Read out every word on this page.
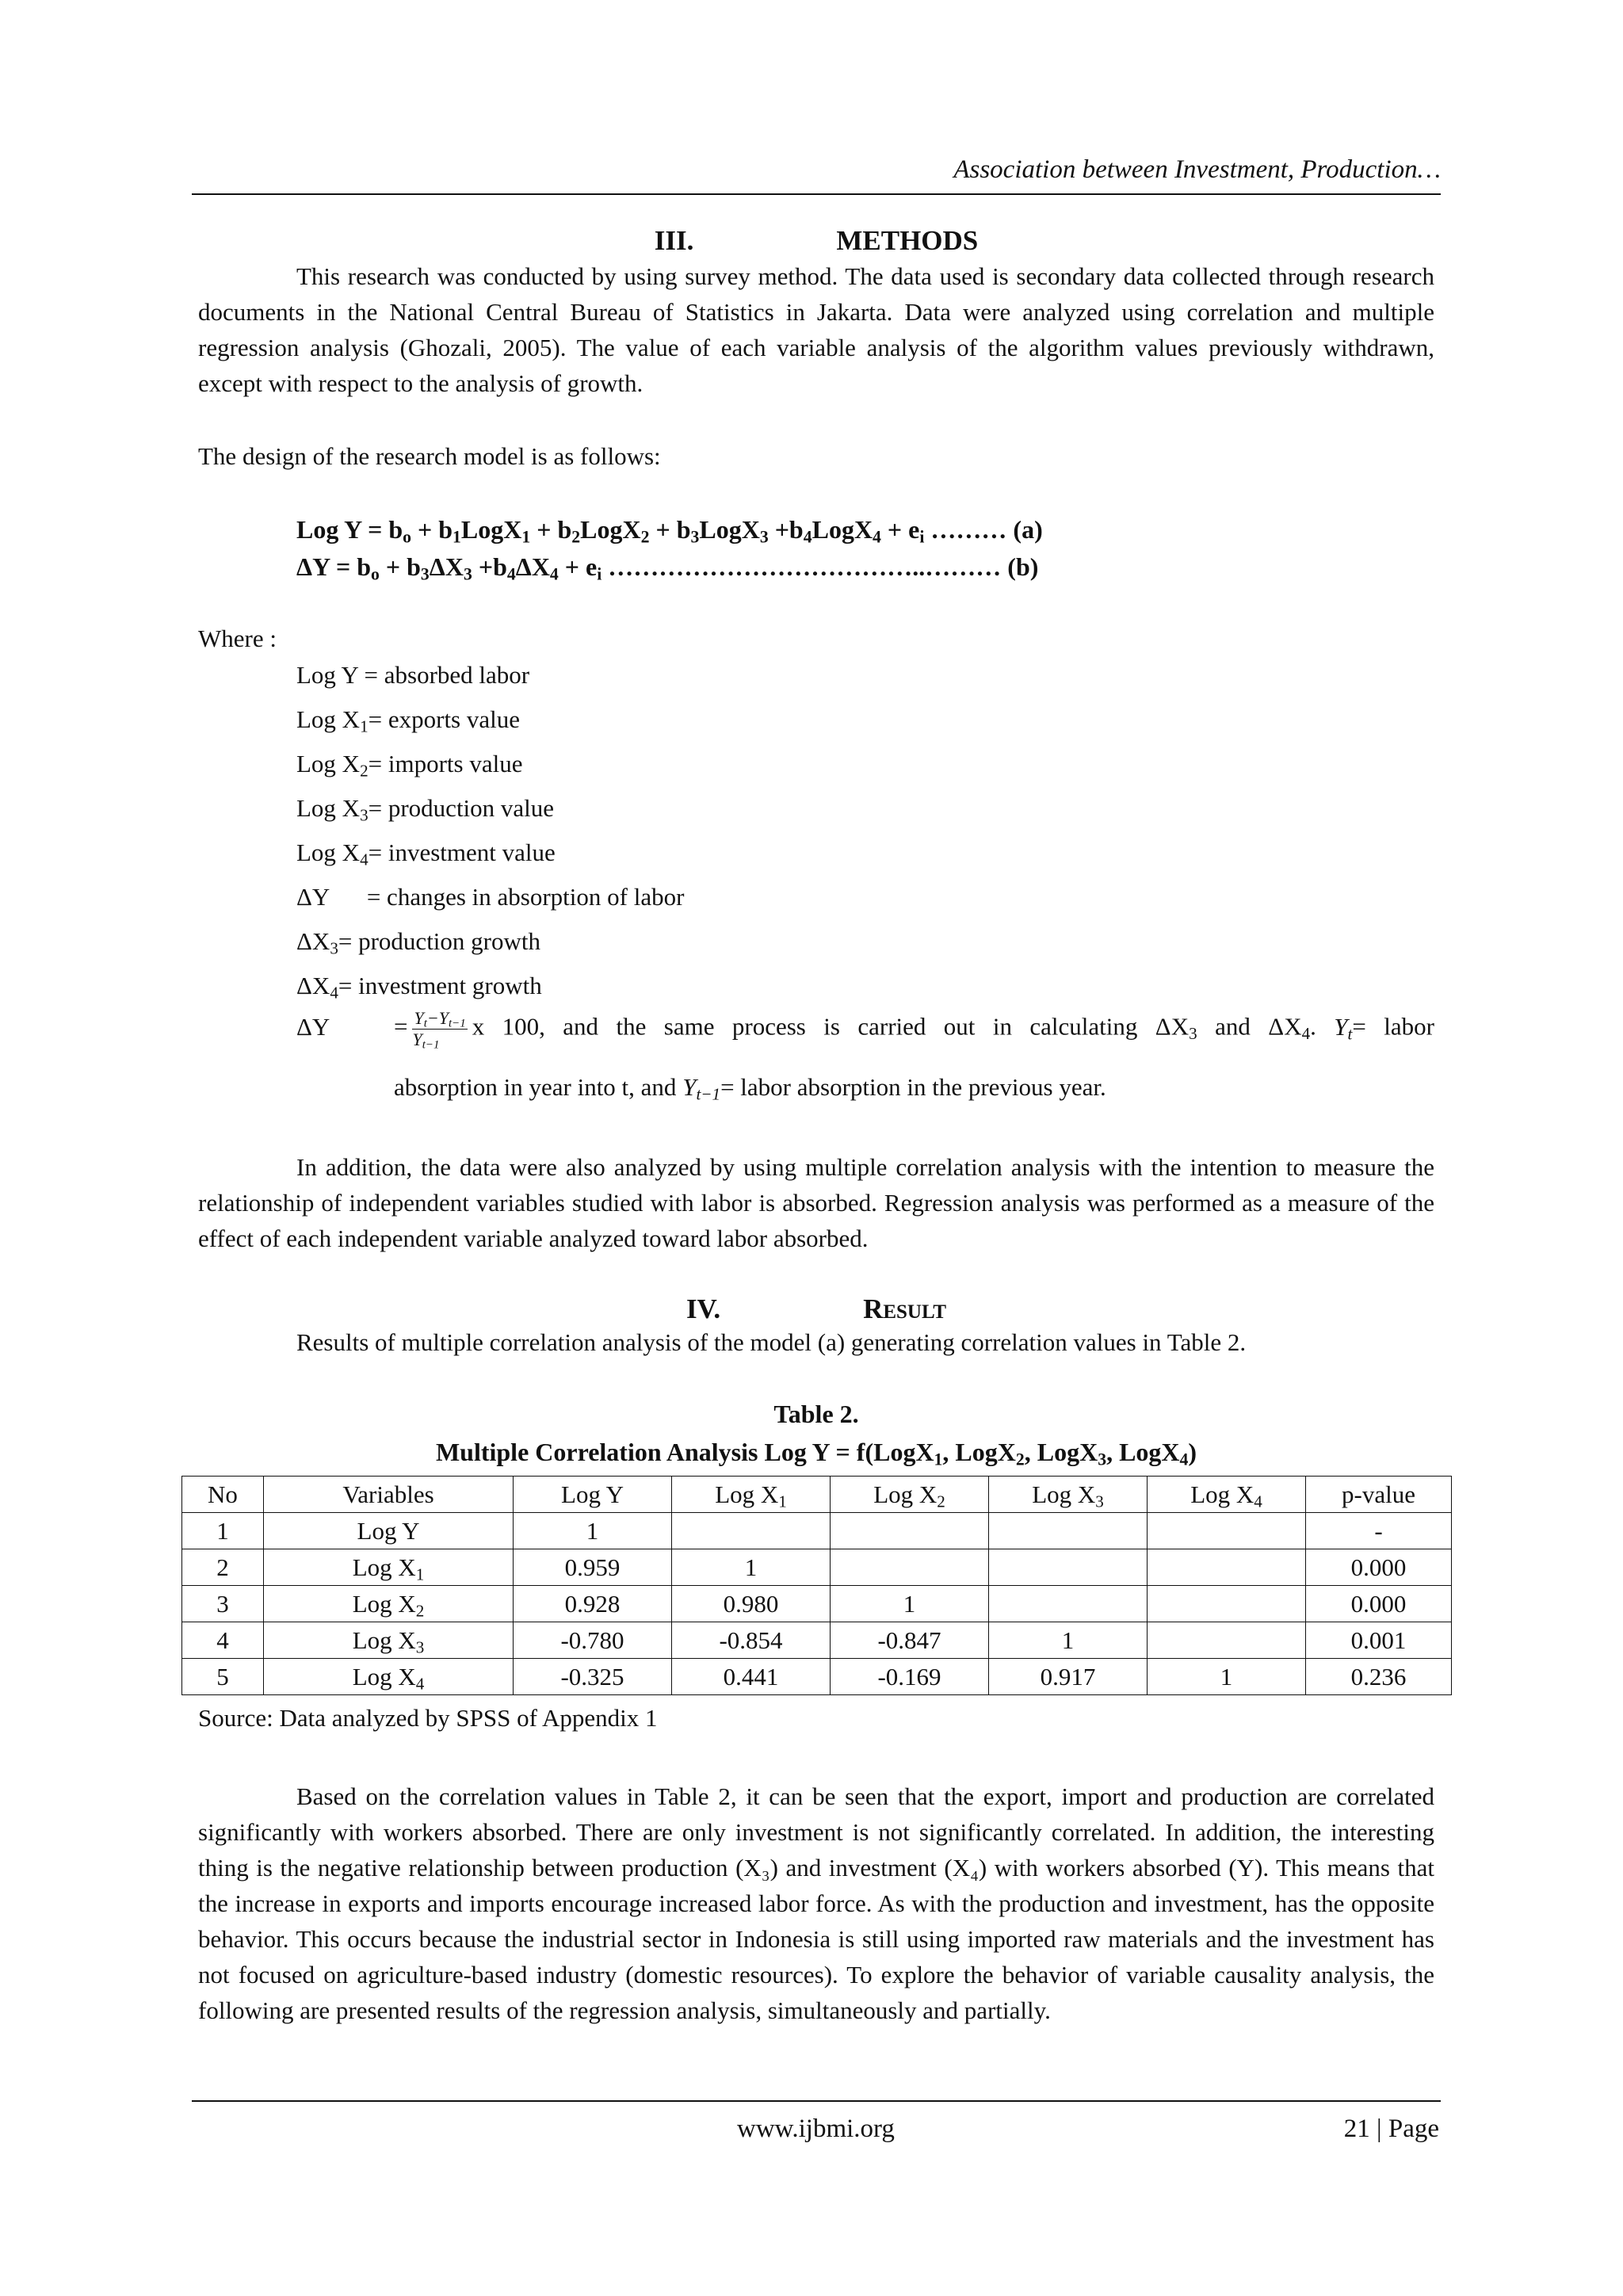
Association between Investment, Production…
III.	METHODS
This research was conducted by using survey method. The data used is secondary data collected through research documents in the National Central Bureau of Statistics in Jakarta. Data were analyzed using correlation and multiple regression analysis (Ghozali, 2005). The value of each variable analysis of the algorithm values previously withdrawn, except with respect to the analysis of growth.
The design of the research model is as follows:
Log $Y = b_o$ + $b_1LogX_1$ + $b_2LogX_2$ + $b_3LogX_3$ $+b_4LogX_4 + e_i$ ……… (a)
$\Delta Y = b_o + b_3\Delta X_3 +b_4\Delta X_4 + e_i$ ………………………………..……… (b)
Where :
Log Y = absorbed labor
Log $X_1=$ exports value
Log $X_2=$ imports value
Log $X_3=$ production value
Log $X_4=$ investment value
ΔY      = changes in absorption of labor
$\Delta X_3=$ production growth
$\Delta X_4=$ investment growth
ΔY	= $\frac{Y_t-Y_{t-1}}{Y_{t-1}}$ x 100, and the same process is carried out in calculating $\Delta X_3$ and $\Delta X_4$. $Y_t=$ labor
absorption in year into t, and $Y_{t-1}=$ labor absorption in the previous year.
In addition, the data were also analyzed by using multiple correlation analysis with the intention to measure the relationship of independent variables studied with labor is absorbed. Regression analysis was performed as a measure of the effect of each independent variable analyzed toward labor absorbed.
IV.	Result
Results of multiple correlation analysis of the model (a) generating correlation values in Table 2.
Table 2.
Multiple Correlation Analysis Log Y = f(LogX$_1$, LogX$_2$, LogX$_3$, LogX$_4$)
No	Variables	Log Y	Log $X_1$	Log $X_2$	Log $X_3$	Log $X_4$	p-value
1	Log Y	1					-
2	Log $X_1$	0.959	1				0.000
3	Log $X_2$	0.928	0.980	1			0.000
4	Log $X_3$	-0.780	-0.854	-0.847	1		0.001
5	Log $X_4$	-0.325	0.441	-0.169	0.917	1	0.236
Source: Data analyzed by SPSS of Appendix 1
Based on the correlation values in Table 2, it can be seen that the export, import and production are correlated significantly with workers absorbed. There are only investment is not significantly correlated. In addition, the interesting thing is the negative relationship between production (X₃) and investment (X₄) with workers absorbed (Y). This means that the increase in exports and imports encourage increased labor force. As with the production and investment, has the opposite behavior. This occurs because the industrial sector in Indonesia is still using imported raw materials and the investment has not focused on agriculture-based industry (domestic resources). To explore the behavior of variable causality analysis, the following are presented results of the regression analysis, simultaneously and partially.
www.ijbmi.org	21 | Page
